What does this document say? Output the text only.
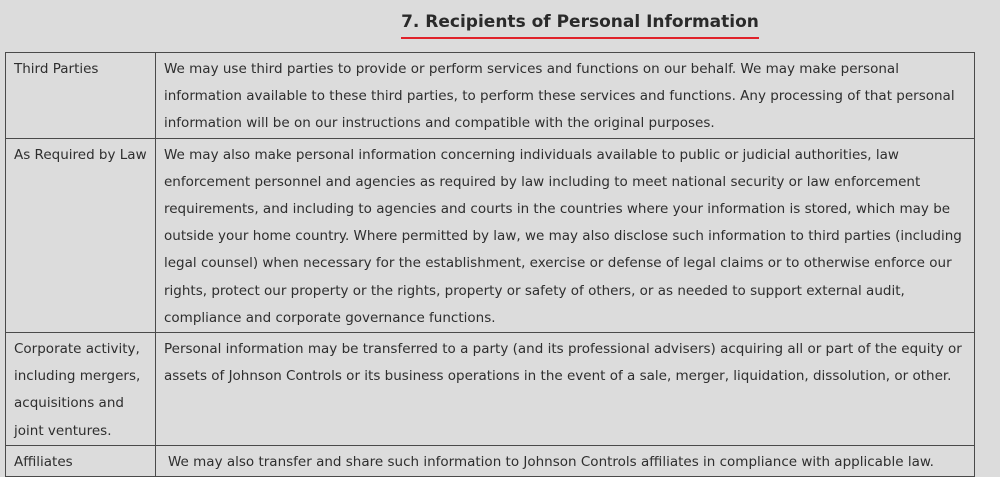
7. Recipients of Personal Information
Third Parties	We may use third parties to provide or perform services and functions on our behalf. We may make personal information available to these third parties, to perform these services and functions. Any processing of that personal information will be on our instructions and compatible with the original purposes.
As Required by Law	We may also make personal information concerning individuals available to public or judicial authorities, law enforcement personnel and agencies as required by law including to meet national security or law enforcement requirements, and including to agencies and courts in the countries where your information is stored, which may be outside your home country. Where permitted by law, we may also disclose such information to third parties (including legal counsel) when necessary for the establishment, exercise or defense of legal claims or to otherwise enforce our rights, protect our property or the rights, property or safety of others, or as needed to support external audit, compliance and corporate governance functions.
Corporate activity, including mergers, acquisitions and joint ventures.	Personal information may be transferred to a party (and its professional advisers) acquiring all or part of the equity or assets of Johnson Controls or its business operations in the event of a sale, merger, liquidation, dissolution, or other.
Affiliates	We may also transfer and share such information to Johnson Controls affiliates in compliance with applicable law.
